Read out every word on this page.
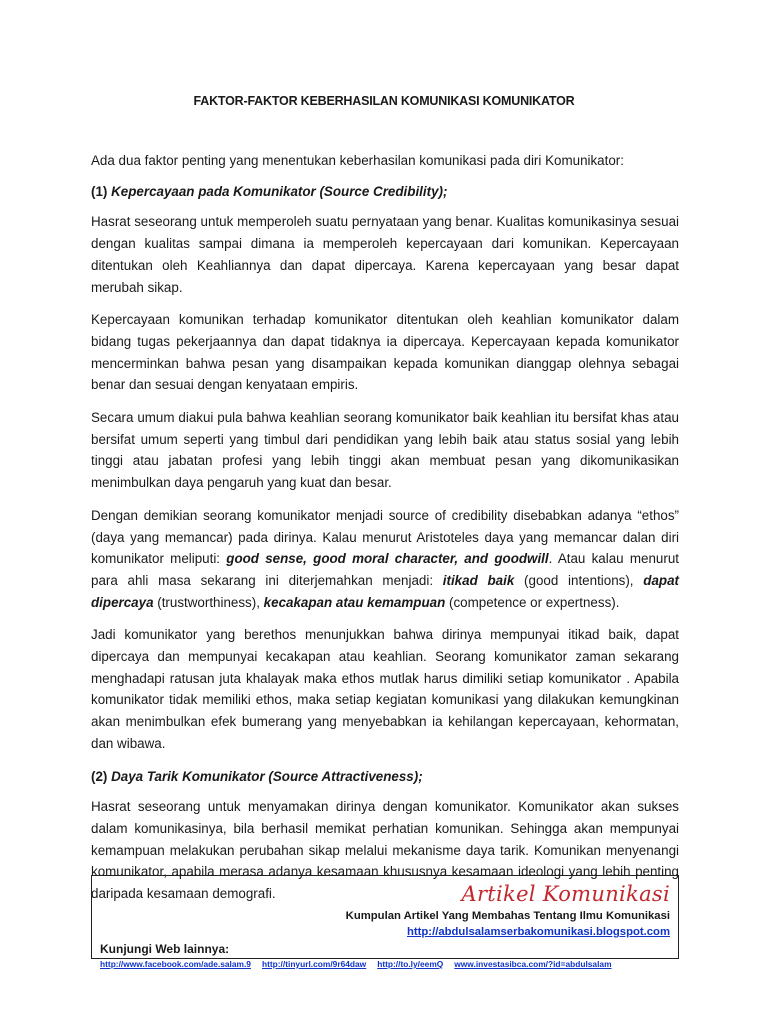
FAKTOR-FAKTOR KEBERHASILAN KOMUNIKASI KOMUNIKATOR

Ada dua faktor penting yang menentukan keberhasilan komunikasi pada diri Komunikator:

(1) Kepercayaan pada Komunikator (Source Credibility);

Hasrat seseorang untuk memperoleh suatu pernyataan yang benar. Kualitas komunikasinya sesuai dengan kualitas sampai dimana ia memperoleh kepercayaan dari komunikan. Kepercayaan ditentukan oleh Keahliannya dan dapat dipercaya. Karena kepercayaan yang besar dapat merubah sikap.

Kepercayaan komunikan terhadap komunikator ditentukan oleh keahlian komunikator dalam bidang tugas pekerjaannya dan dapat tidaknya ia dipercaya. Kepercayaan kepada komunikator mencerminkan bahwa pesan yang disampaikan kepada komunikan dianggap olehnya sebagai benar dan sesuai dengan kenyataan empiris.

Secara umum diakui pula bahwa keahlian seorang komunikator baik keahlian itu bersifat khas atau bersifat umum seperti yang timbul dari pendidikan yang lebih baik atau status sosial yang lebih tinggi atau jabatan profesi yang lebih tinggi akan membuat pesan yang dikomunikasikan menimbulkan daya pengaruh yang kuat dan besar.

Dengan demikian seorang komunikator menjadi source of credibility disebabkan adanya “ethos” (daya yang memancar) pada dirinya. Kalau menurut Aristoteles daya yang memancar dalan diri komunikator meliputi: good sense, good moral character, and goodwill. Atau kalau menurut para ahli masa sekarang ini diterjemahkan menjadi: itikad baik (good intentions), dapat dipercaya (trustworthiness), kecakapan atau kemampuan (competence or expertness).

Jadi komunikator yang berethos menunjukkan bahwa dirinya mempunyai itikad baik, dapat dipercaya dan mempunyai kecakapan atau keahlian. Seorang komunikator zaman sekarang menghadapi ratusan juta khalayak maka ethos mutlak harus dimiliki setiap komunikator . Apabila komunikator tidak memiliki ethos, maka setiap kegiatan komunikasi yang dilakukan kemungkinan akan menimbulkan efek bumerang yang menyebabkan ia kehilangan kepercayaan, kehormatan, dan wibawa.

(2) Daya Tarik Komunikator (Source Attractiveness);

Hasrat seseorang untuk menyamakan dirinya dengan komunikator. Komunikator akan sukses dalam komunikasinya, bila berhasil memikat perhatian komunikan. Sehingga akan mempunyai kemampuan melakukan perubahan sikap melalui mekanisme daya tarik. Komunikan menyenangi komunikator, apabila merasa adanya kesamaan khususnya kesamaan ideologi yang lebih penting daripada kesamaan demografi.	Artikel Komunikasi
Kumpulan Artikel Yang Membahas Tentang Ilmu Komunikasi
http://abdulsalamserbakomunikasi.blogspot.com
Kunjungi Web lainnya:
http://www.facebook.com/ade.salam.9 http://tinyurl.com/9r64daw http://to.ly/eemQ www.investasibca.com/?id=abdulsalam
